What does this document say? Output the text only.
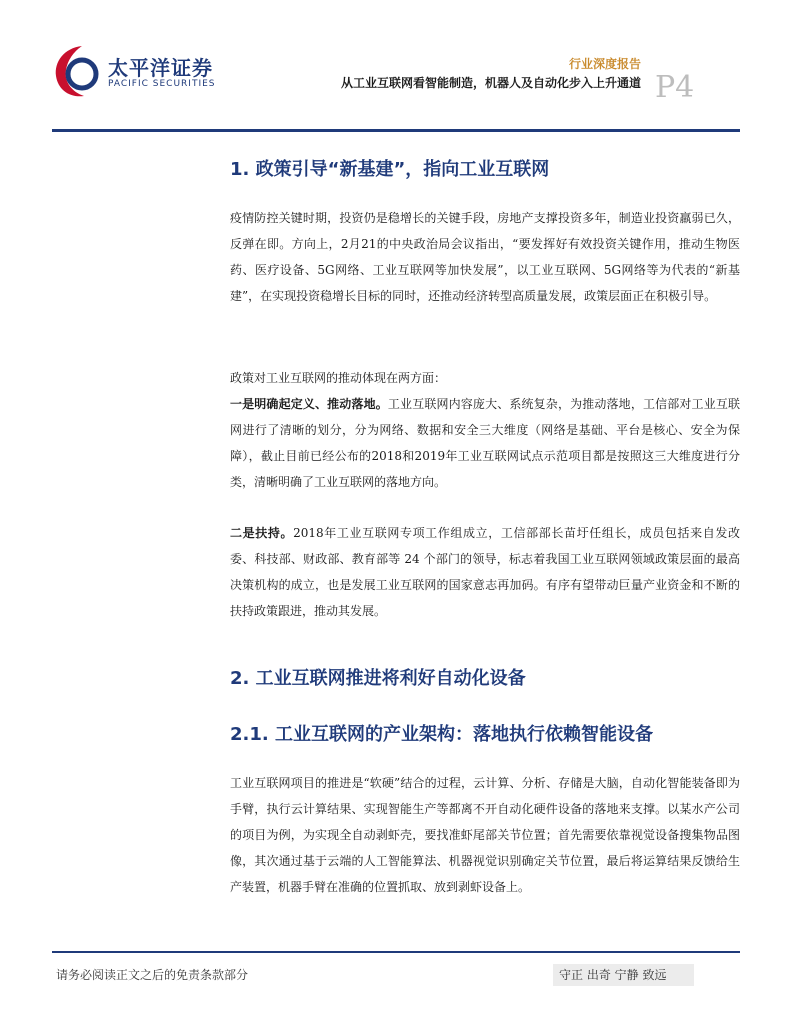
太平洋证券
PACIFIC SECURITIES
行业深度报告
从工业互联网看智能制造，机器人及自动化步入上升通道 P4
1. 政策引导“新基建”，指向工业互联网
疫情防控关键时期，投资仍是稳增长的关键手段，房地产支撑投资多年，制造业投资羸弱已久，反弹在即。方向上，2月21的中央政治局会议指出，“要发挥好有效投资关键作用，推动生物医药、医疗设备、5G网络、工业互联网等加快发展”，以工业互联网、5G网络等为代表的“新基建”，在实现投资稳增长目标的同时，还推动经济转型高质量发展，政策层面正在积极引导。
政策对工业互联网的推动体现在两方面：
一是明确起定义、推动落地。工业互联网内容庞大、系统复杂，为推动落地，工信部对工业互联网进行了清晰的划分，分为网络、数据和安全三大维度（网络是基础、平台是核心、安全为保障），截止目前已经公布的2018和2019年工业互联网试点示范项目都是按照这三大维度进行分类，清晰明确了工业互联网的落地方向。
二是扶持。2018年工业互联网专项工作组成立，工信部部长苗圩任组长，成员包括来自发改委、科技部、财政部、教育部等 24 个部门的领导，标志着我国工业互联网领域政策层面的最高决策机构的成立，也是发展工业互联网的国家意志再加码。有序有望带动巨量产业资金和不断的扶持政策跟进，推动其发展。
2. 工业互联网推进将利好自动化设备
2.1. 工业互联网的产业架构：落地执行依赖智能设备
工业互联网项目的推进是“软硬”结合的过程，云计算、分析、存储是大脑，自动化智能装备即为手臂，执行云计算结果、实现智能生产等都离不开自动化硬件设备的落地来支撑。以某水产公司的项目为例，为实现全自动剥虾壳，要找准虾尾部关节位置；首先需要依靠视觉设备搜集物品图像，其次通过基于云端的人工智能算法、机器视觉识别确定关节位置，最后将运算结果反馈给生产装置，机器手臂在准确的位置抓取、放到剥虾设备上。
请务必阅读正文之后的免责条款部分	守正 出奇 宁静 致远
